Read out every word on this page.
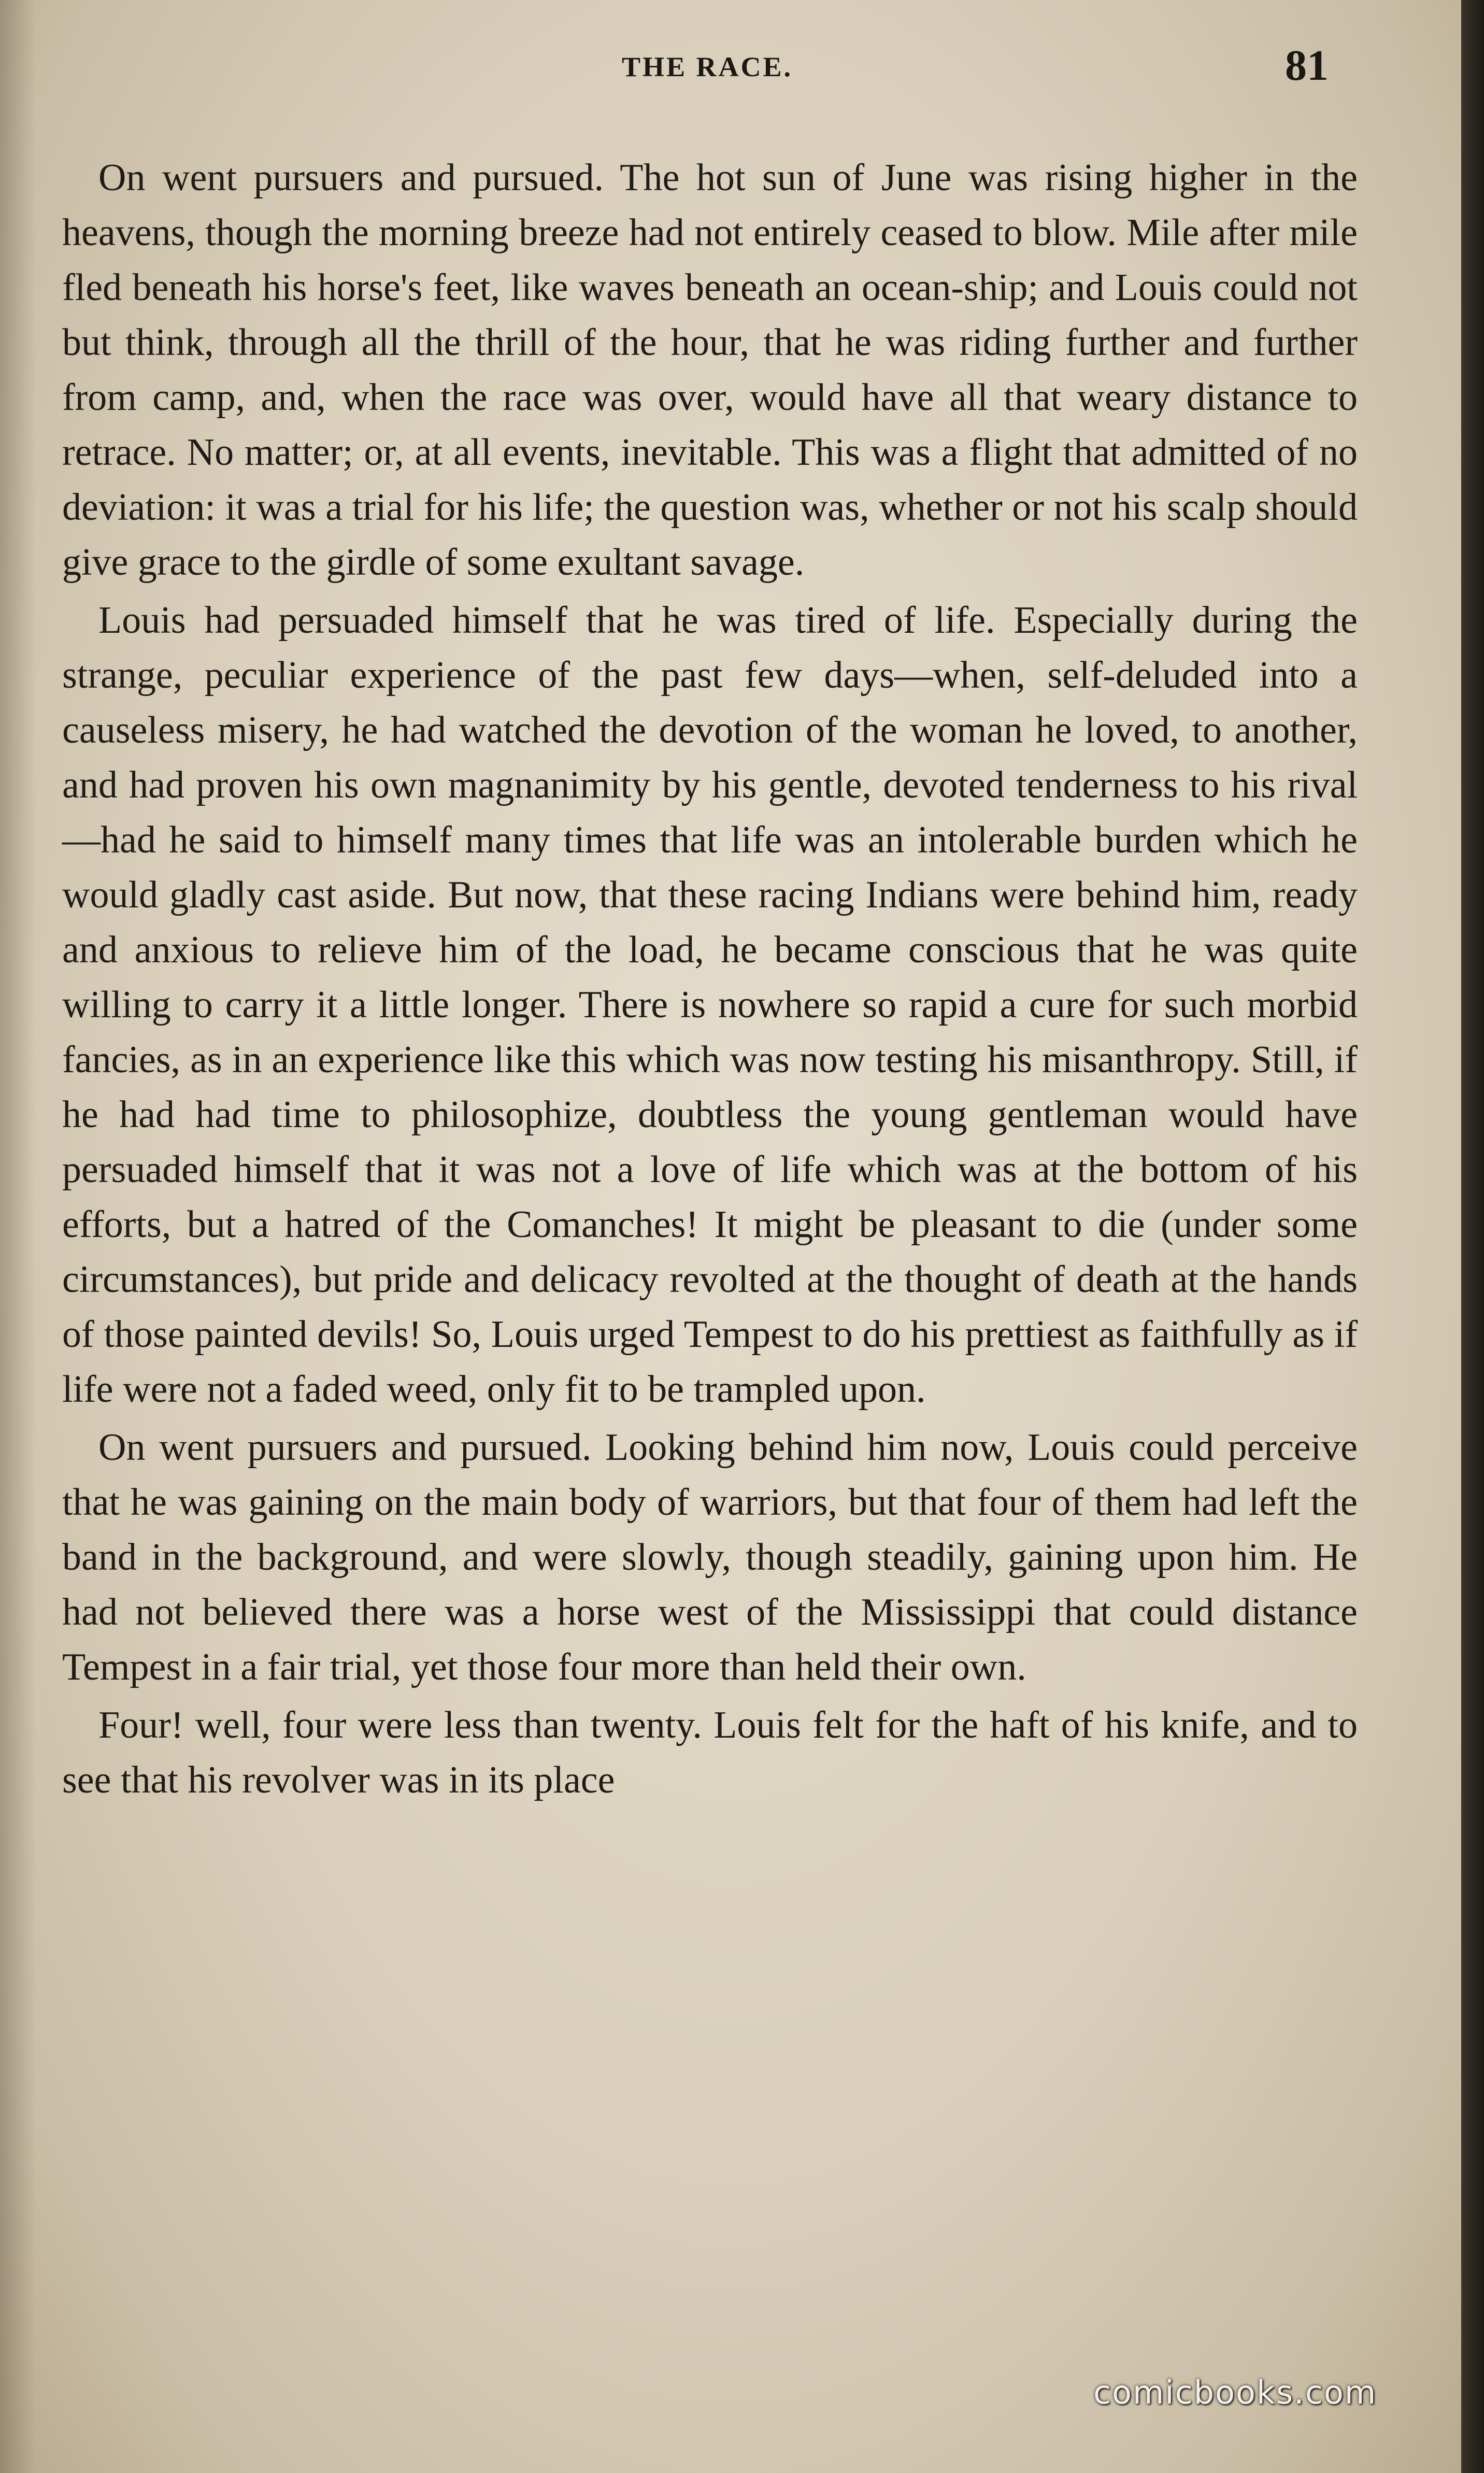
THE RACE.	81

On went pursuers and pursued. The hot sun of June was rising higher in the heavens, though the morning breeze had not entirely ceased to blow. Mile after mile fled beneath his horse's feet, like waves beneath an ocean-ship; and Louis could not but think, through all the thrill of the hour, that he was riding further and further from camp, and, when the race was over, would have all that weary distance to retrace. No matter; or, at all events, inevitable. This was a flight that admitted of no deviation: it was a trial for his life; the question was, whether or not his scalp should give grace to the girdle of some exultant savage.

Louis had persuaded himself that he was tired of life. Especially during the strange, peculiar experience of the past few days—when, self-deluded into a causeless misery, he had watched the devotion of the woman he loved, to another, and had proven his own magnanimity by his gentle, devoted tenderness to his rival—had he said to himself many times that life was an intolerable burden which he would gladly cast aside. But now, that these racing Indians were behind him, ready and anxious to relieve him of the load, he became conscious that he was quite willing to carry it a little longer. There is nowhere so rapid a cure for such morbid fancies, as in an experience like this which was now testing his misanthropy. Still, if he had had time to philosophize, doubtless the young gentleman would have persuaded himself that it was not a love of life which was at the bottom of his efforts, but a hatred of the Comanches! It might be pleasant to die (under some circumstances), but pride and delicacy revolted at the thought of death at the hands of those painted devils! So, Louis urged Tempest to do his prettiest as faithfully as if life were not a faded weed, only fit to be trampled upon.

On went pursuers and pursued. Looking behind him now, Louis could perceive that he was gaining on the main body of warriors, but that four of them had left the band in the background, and were slowly, though steadily, gaining upon him. He had not believed there was a horse west of the Mississippi that could distance Tempest in a fair trial, yet those four more than held their own.

Four! well, four were less than twenty. Louis felt for the haft of his knife, and to see that his revolver was in its place

comicbooks.com
